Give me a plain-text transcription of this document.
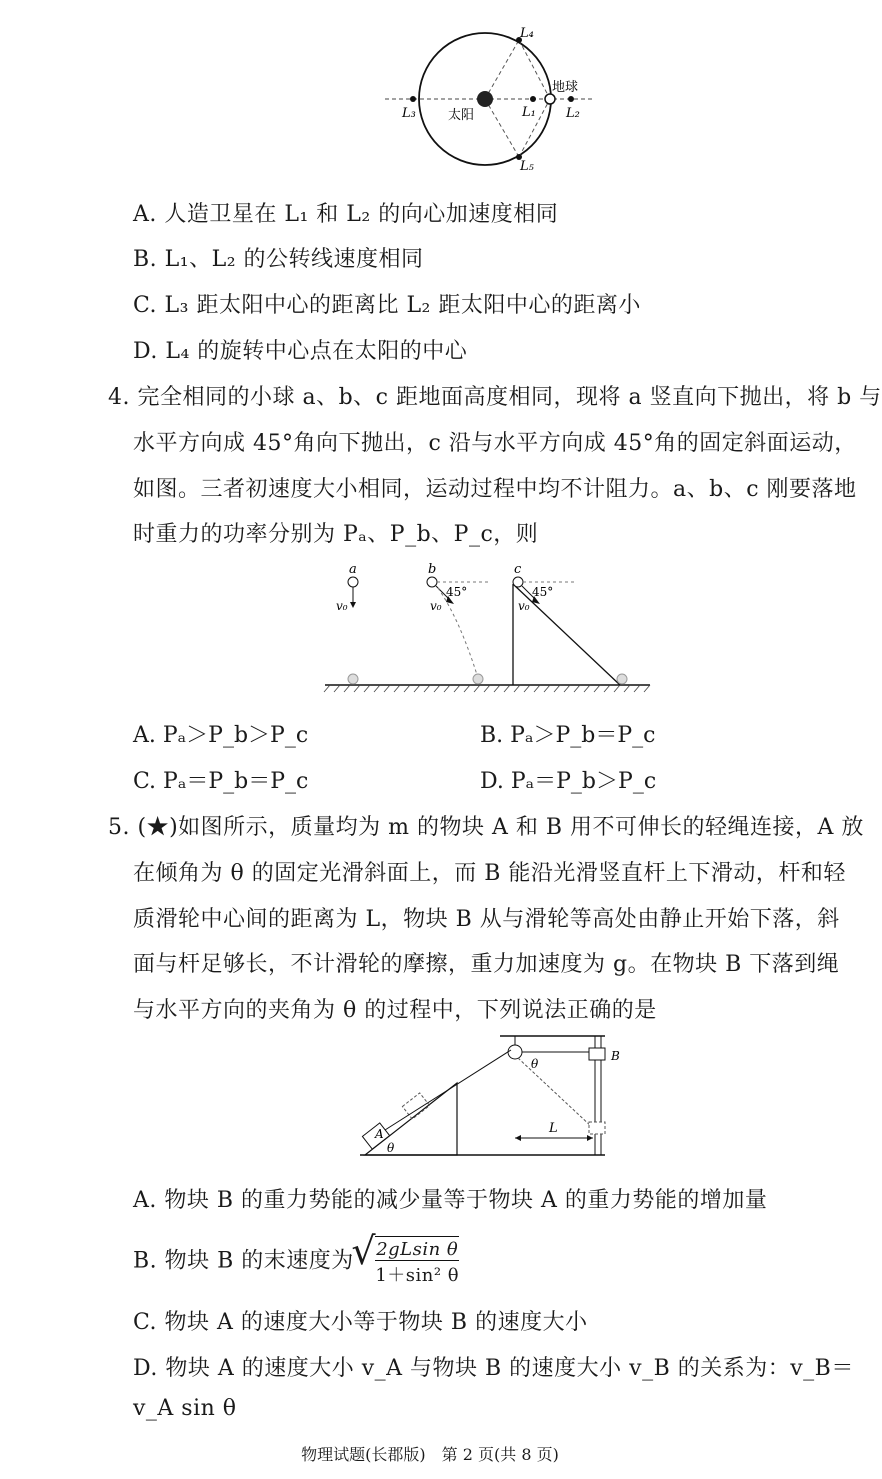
L₄
L₅
L₃	L₁ L₂
太阳
地球
A. 人造卫星在 L₁ 和 L₂ 的向心加速度相同
B. L₁、L₂ 的公转线速度相同
C. L₃ 距太阳中心的距离比 L₂ 距太阳中心的距离小
D. L₄ 的旋转中心点在太阳的中心
4. 完全相同的小球 a、b、c 距地面高度相同，现将 a 竖直向下抛出，将 b 与
水平方向成 45°角向下抛出，c 沿与水平方向成 45°角的固定斜面运动，
如图。三者初速度大小相同，运动过程中均不计阻力。a、b、c 刚要落地
时重力的功率分别为 Pₐ、P_b、P_c，则
a
v₀
b
v₀
45°
c
v₀
45°
A. Pₐ＞P_b＞P_c	B. Pₐ＞P_b＝P_c
C. Pₐ＝P_b＝P_c	D. Pₐ＝P_b＞P_c
5. (★)如图所示，质量均为 m 的物块 A 和 B 用不可伸长的轻绳连接，A 放
在倾角为 θ 的固定光滑斜面上，而 B 能沿光滑竖直杆上下滑动，杆和轻
质滑轮中心间的距离为 L，物块 B 从与滑轮等高处由静止开始下落，斜
面与杆足够长，不计滑轮的摩擦，重力加速度为 g。在物块 B 下落到绳
与水平方向的夹角为 θ 的过程中，下列说法正确的是
A
B
L
θ
θ
A. 物块 B 的重力势能的减少量等于物块 A 的重力势能的增加量
B. 物块 B 的末速度为
√ $\frac{\text{2gLsin θ}}{\text{1＋sin² θ}}$
C. 物块 A 的速度大小等于物块 B 的速度大小
D. 物块 A 的速度大小 v_A 与物块 B 的速度大小 v_B 的关系为：v_B＝
v_A sin θ
物理试题(长郡版)　第 2 页(共 8 页)
